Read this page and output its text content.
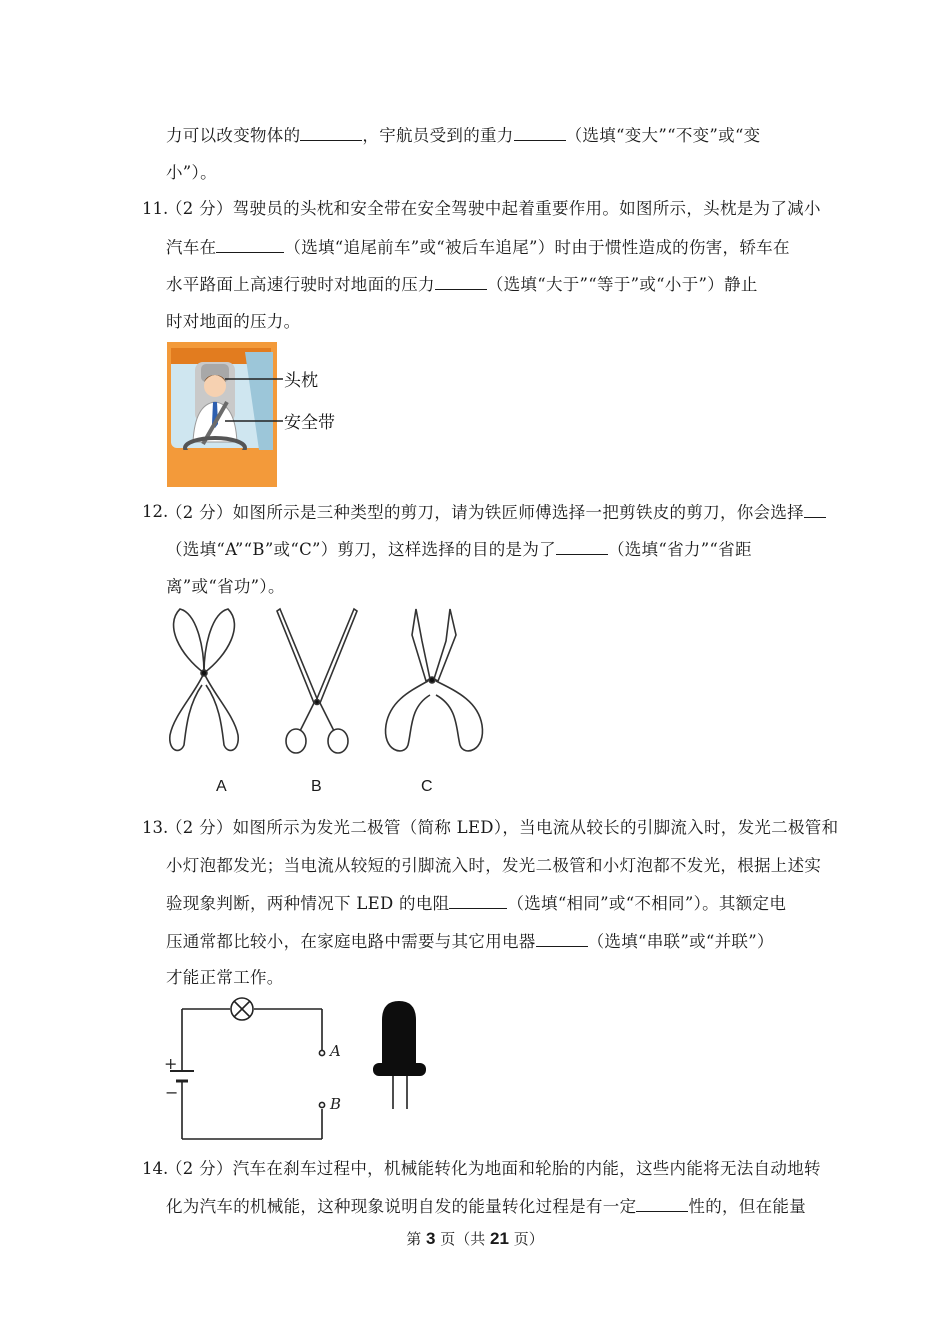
力可以改变物体的	，宇航员受到的重力	（选填“变大”“不变”或“变
小”）。
11.
（2 分）驾驶员的头枕和安全带在安全驾驶中起着重要作用。如图所示，头枕是为了减小
汽车在	（选填“追尾前车”或“被后车追尾”）时由于惯性造成的伤害，轿车在
水平路面上高速行驶时对地面的压力	（选填“大于”“等于”或“小于”）静止
时对地面的压力。
头枕
安全带
12.
（2 分）如图所示是三种类型的剪刀，请为铁匠师傅选择一把剪铁皮的剪刀，你会选择
（选填“A”“B”或“C”）剪刀，这样选择的目的是为了	（选填“省力”“省距
离”或“省功”）。
A	B	C
13.
（2 分）如图所示为发光二极管（简称 LED），当电流从较长的引脚流入时，发光二极管和
小灯泡都发光；当电流从较短的引脚流入时，发光二极管和小灯泡都不发光，根据上述实
验现象判断，两种情况下 LED 的电阻	（选填“相同”或“不相同”）。其额定电
压通常都比较小，在家庭电路中需要与其它用电器	（选填“串联”或“并联”）
才能正常工作。
+
−
A
B
14.
（2 分）汽车在刹车过程中，机械能转化为地面和轮胎的内能，这些内能将无法自动地转
化为汽车的机械能，这种现象说明自发的能量转化过程是有一定	性的，但在能量
第 3 页（共 21 页）
